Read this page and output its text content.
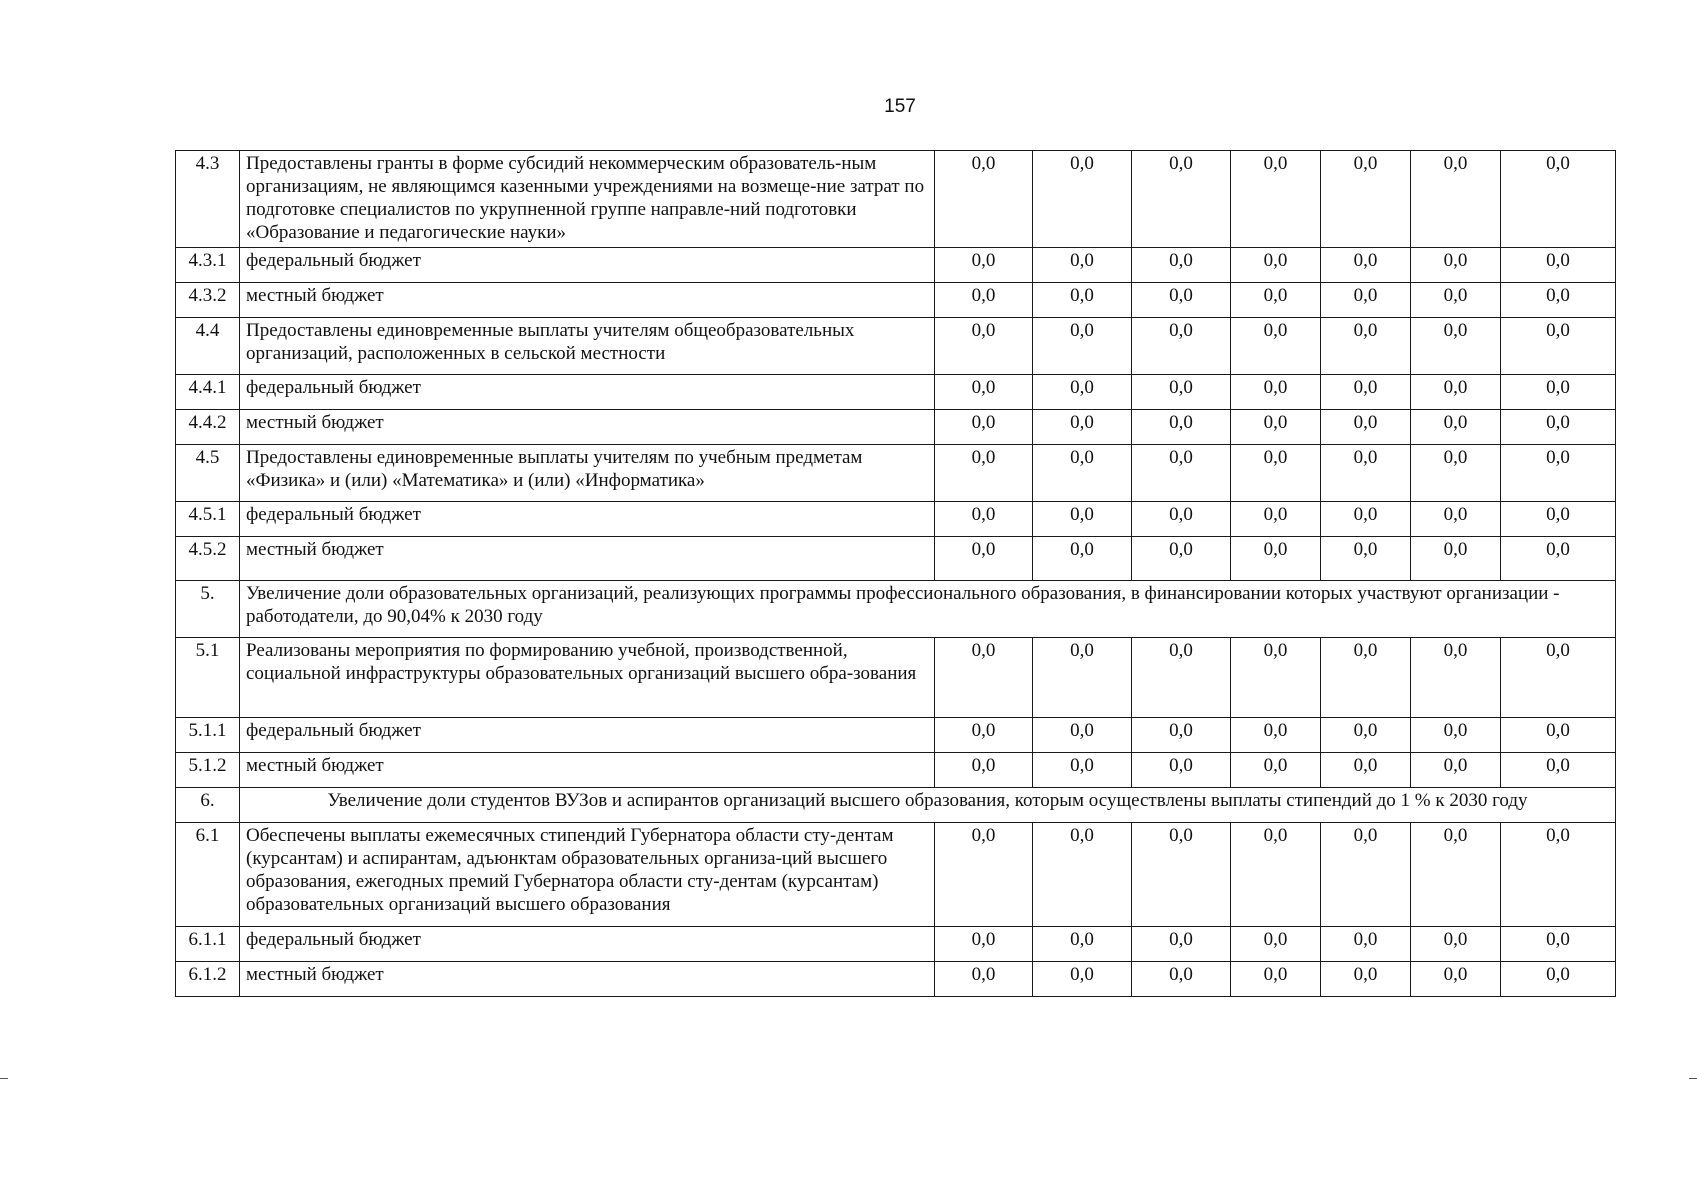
157
4.3	Предоставлены гранты в форме субсидий некоммерческим образователь-ным организациям, не являющимся казенными учреждениями на возмеще-ние затрат по подготовке специалистов по укрупненной группе направле-ний подготовки «Образование и педагогические науки»	0,0	0,0	0,0	0,0	0,0	0,0	0,0
4.3.1	федеральный бюджет	0,0	0,0	0,0	0,0	0,0	0,0	0,0
4.3.2	местный бюджет	0,0	0,0	0,0	0,0	0,0	0,0	0,0
4.4	Предоставлены единовременные выплаты учителям общеобразовательных организаций, расположенных в сельской местности	0,0	0,0	0,0	0,0	0,0	0,0	0,0
4.4.1	федеральный бюджет	0,0	0,0	0,0	0,0	0,0	0,0	0,0
4.4.2	местный бюджет	0,0	0,0	0,0	0,0	0,0	0,0	0,0
4.5	Предоставлены единовременные выплаты учителям по учебным предметам «Физика» и (или) «Математика» и (или) «Информатика»	0,0	0,0	0,0	0,0	0,0	0,0	0,0
4.5.1	федеральный бюджет	0,0	0,0	0,0	0,0	0,0	0,0	0,0
4.5.2	местный бюджет	0,0	0,0	0,0	0,0	0,0	0,0	0,0
5.	Увеличение доли образовательных организаций, реализующих программы профессионального образования, в финансировании которых участвуют организации - работодатели, до 90,04% к 2030 году							
5.1	Реализованы мероприятия по формированию учебной, производственной, социальной инфраструктуры образовательных организаций высшего обра-зования	0,0	0,0	0,0	0,0	0,0	0,0	0,0
5.1.1	федеральный бюджет	0,0	0,0	0,0	0,0	0,0	0,0	0,0
5.1.2	местный бюджет	0,0	0,0	0,0	0,0	0,0	0,0	0,0
6.	Увеличение доли студентов ВУЗов и аспирантов организаций высшего образования, которым осуществлены выплаты стипендий до 1 % к 2030 году							
6.1	Обеспечены выплаты ежемесячных стипендий Губернатора области сту-дентам (курсантам) и аспирантам, адъюнктам образовательных организа-ций высшего образования, ежегодных премий Губернатора области сту-дентам (курсантам) образовательных организаций высшего образования	0,0	0,0	0,0	0,0	0,0	0,0	0,0
6.1.1	федеральный бюджет	0,0	0,0	0,0	0,0	0,0	0,0	0,0
6.1.2	местный бюджет	0,0	0,0	0,0	0,0	0,0	0,0	0,0
